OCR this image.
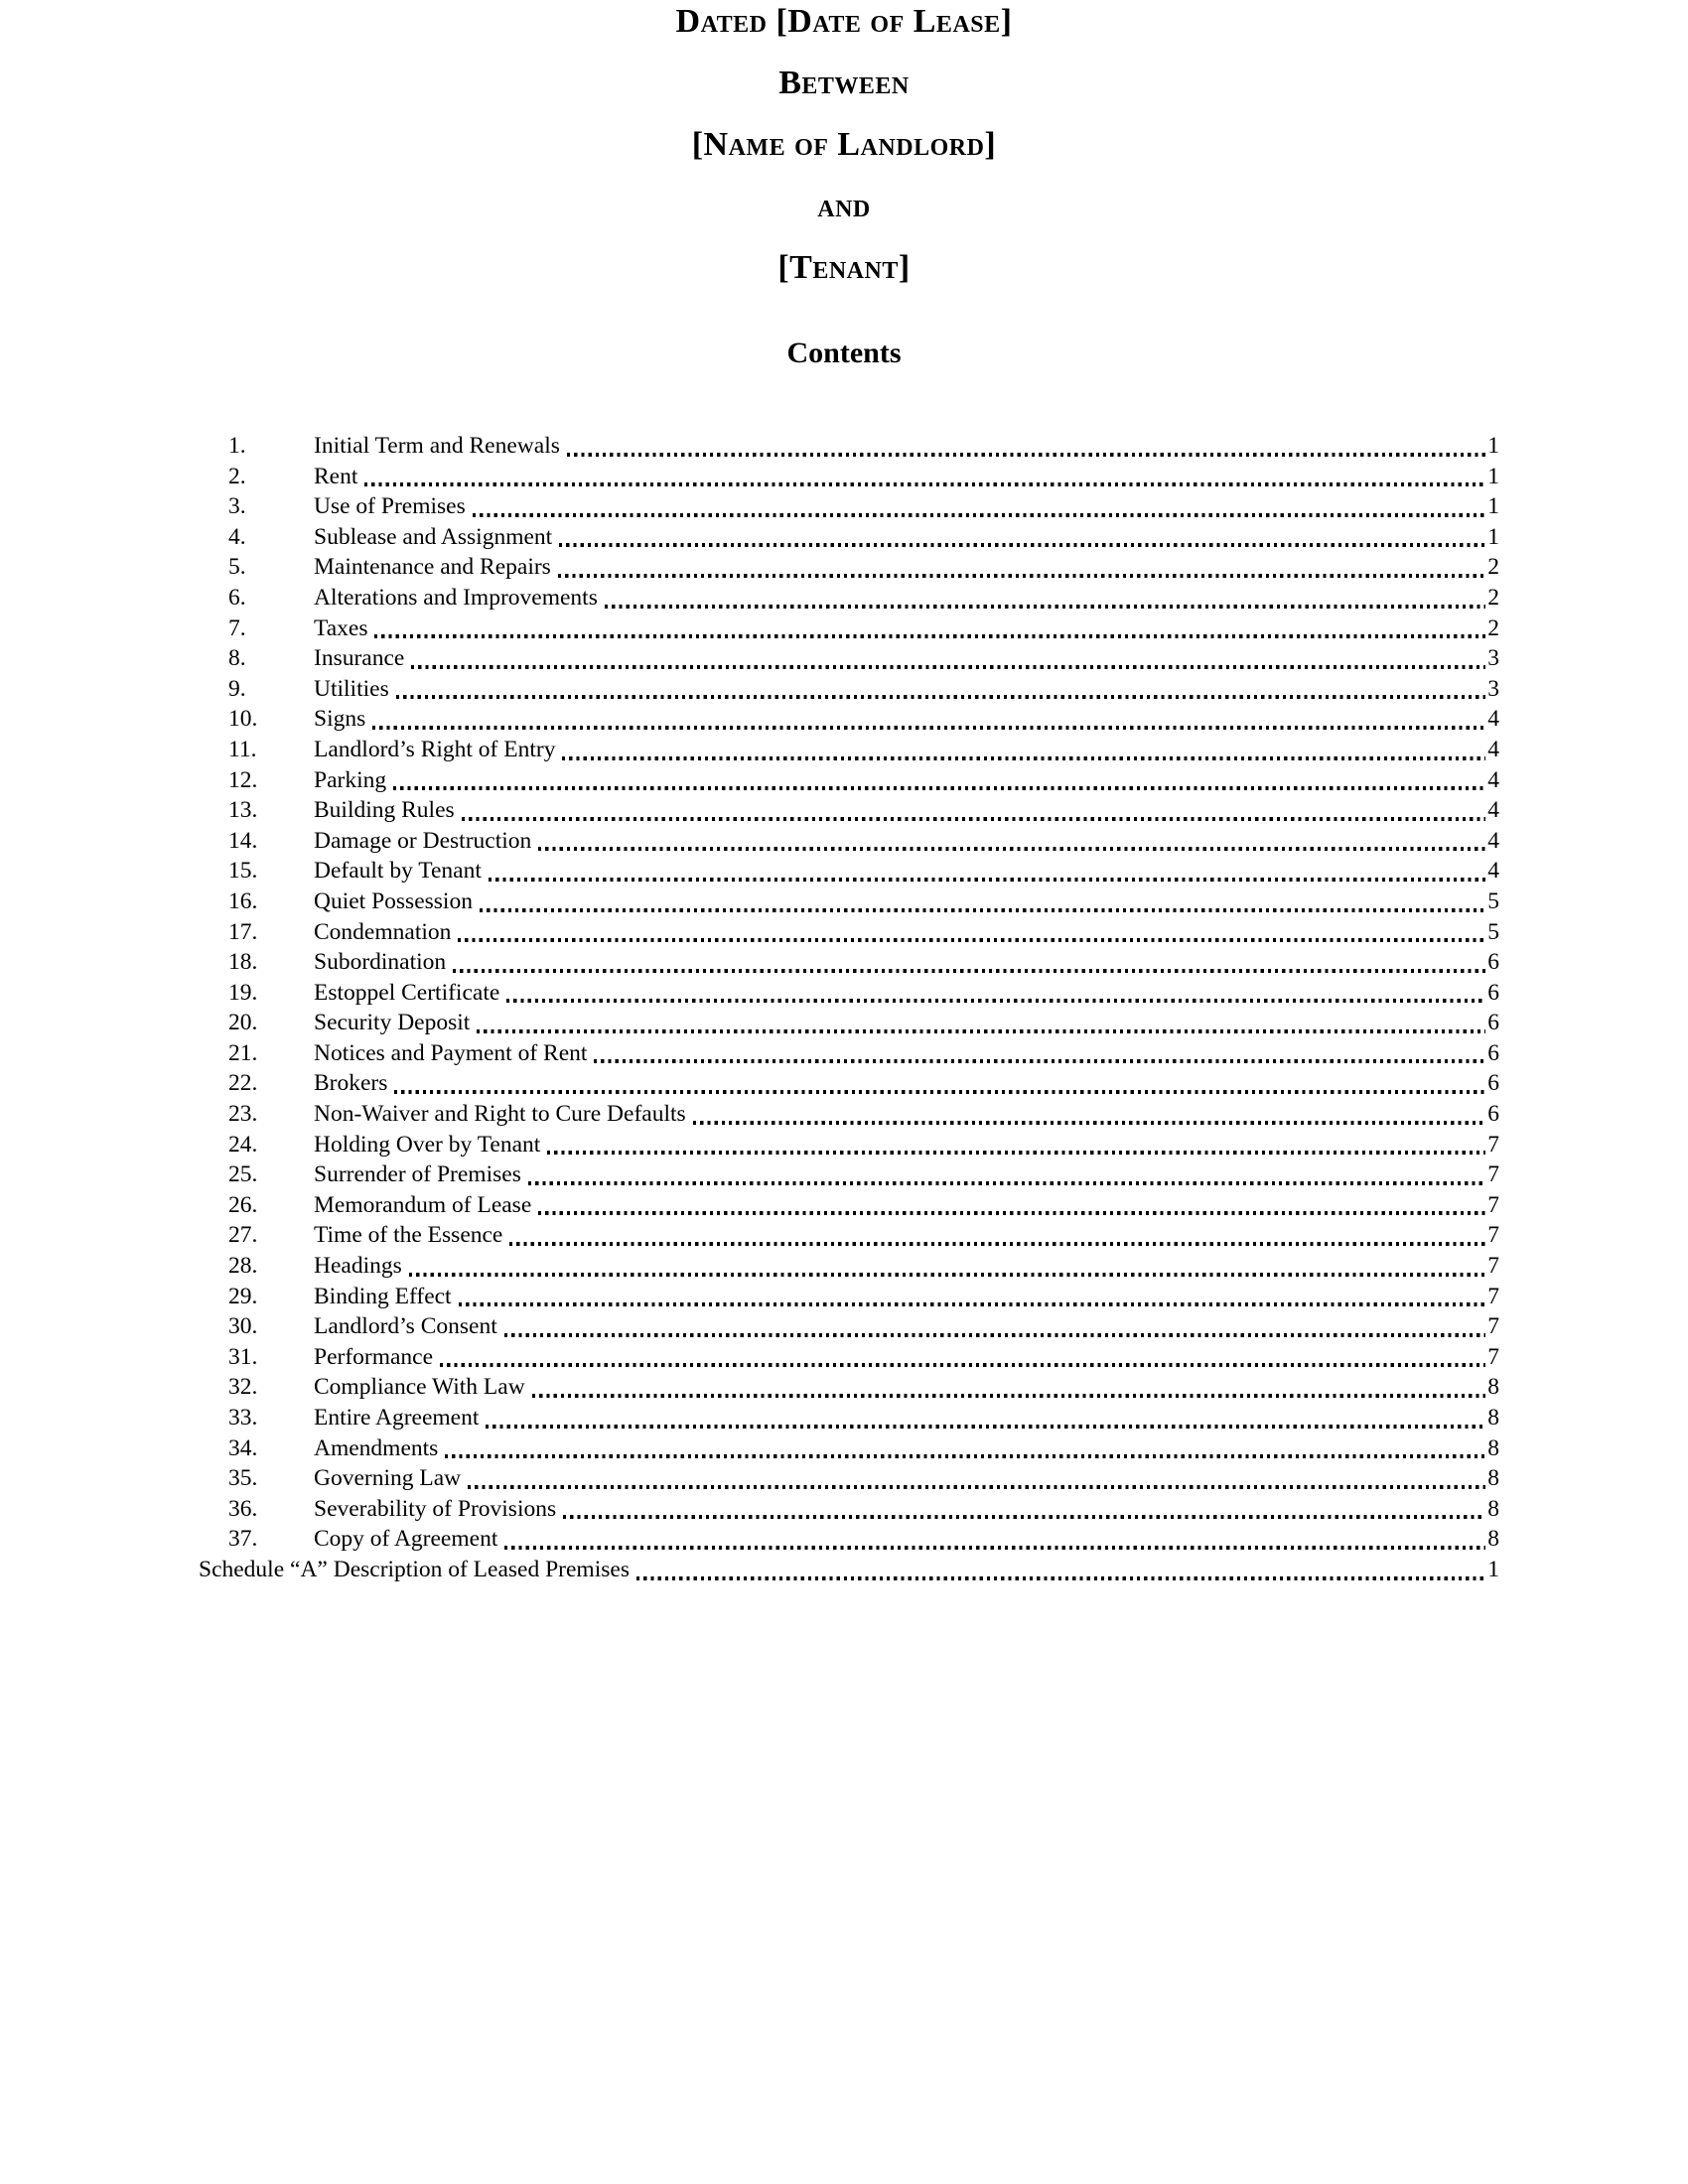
Dated [Date of Lease]
Between
[Name of Landlord]
and
[Tenant]
Contents
1.	Initial Term and Renewals	1
2.	Rent	1
3.	Use of Premises	1
4.	Sublease and Assignment	1
5.	Maintenance and Repairs	2
6.	Alterations and Improvements	2
7.	Taxes	2
8.	Insurance	3
9.	Utilities	3
10.	Signs	4
11.	Landlord’s Right of Entry	4
12.	Parking	4
13.	Building Rules	4
14.	Damage or Destruction	4
15.	Default by Tenant	4
16.	Quiet Possession	5
17.	Condemnation	5
18.	Subordination	6
19.	Estoppel Certificate	6
20.	Security Deposit	6
21.	Notices and Payment of Rent	6
22.	Brokers	6
23.	Non-Waiver and Right to Cure Defaults	6
24.	Holding Over by Tenant	7
25.	Surrender of Premises	7
26.	Memorandum of Lease	7
27.	Time of the Essence	7
28.	Headings	7
29.	Binding Effect	7
30.	Landlord’s Consent	7
31.	Performance	7
32.	Compliance With Law	8
33.	Entire Agreement	8
34.	Amendments	8
35.	Governing Law	8
36.	Severability of Provisions	8
37.	Copy of Agreement	8
Schedule “A” Description of Leased Premises	1
